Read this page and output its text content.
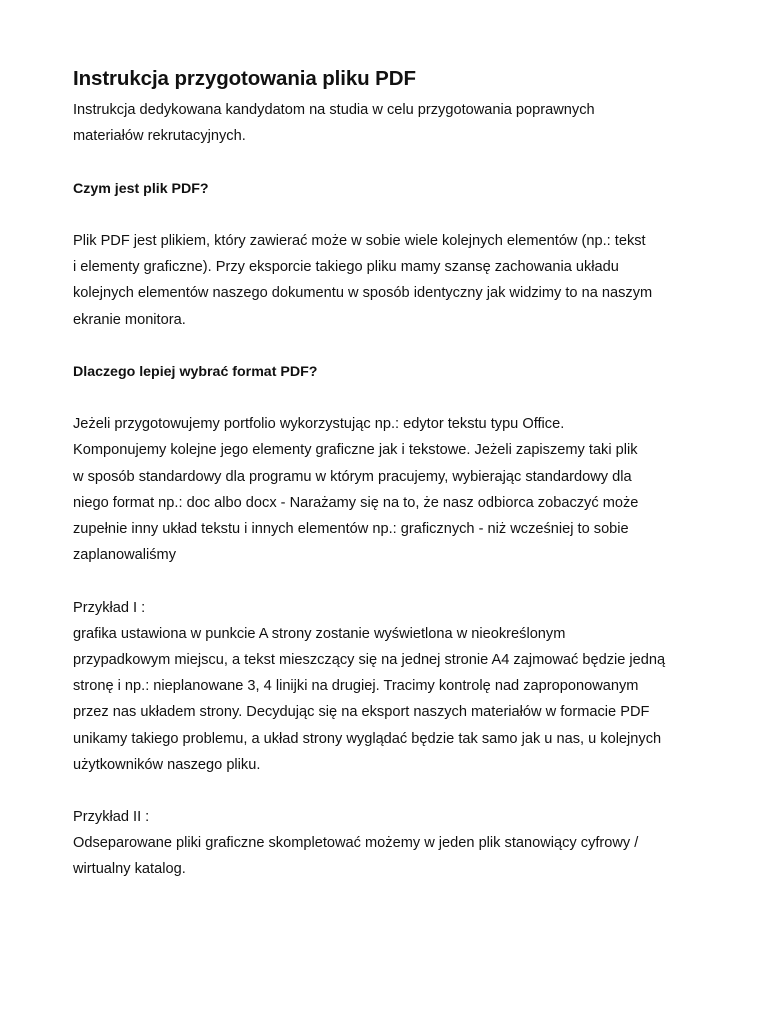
Instrukcja przygotowania pliku PDF

Instrukcja dedykowana kandydatom na studia w celu przygotowania poprawnych

materiałów rekrutacyjnych.

Czym jest plik PDF?

Plik PDF jest plikiem, który zawierać może w sobie wiele kolejnych elementów (np.: tekst

i elementy graficzne). Przy eksporcie takiego pliku mamy szansę zachowania układu

kolejnych elementów naszego dokumentu w sposób identyczny jak widzimy to na naszym

ekranie monitora.

Dlaczego lepiej wybrać format PDF?

Jeżeli przygotowujemy portfolio wykorzystując np.: edytor tekstu typu Office.

Komponujemy kolejne jego elementy graficzne jak i tekstowe. Jeżeli zapiszemy taki plik

w sposób standardowy dla programu w którym pracujemy, wybierając standardowy dla

niego format np.: doc albo docx - Narażamy się na to, że nasz odbiorca zobaczyć może

zupełnie inny układ tekstu i innych elementów np.: graficznych - niż wcześniej to sobie

zaplanowaliśmy

Przykład I :

grafika ustawiona w punkcie A strony zostanie wyświetlona w nieokreślonym

przypadkowym miejscu, a tekst mieszczący się na jednej stronie A4 zajmować będzie jedną

stronę i np.: nieplanowane 3, 4 linijki na drugiej. Tracimy kontrolę nad zaproponowanym

przez nas układem strony. Decydując się na eksport naszych materiałów w formacie PDF

unikamy takiego problemu, a układ strony wyglądać będzie tak samo jak u nas, u kolejnych

użytkowników naszego pliku.

Przykład II :

Odseparowane pliki graficzne skompletować możemy w jeden plik stanowiący cyfrowy /

wirtualny katalog.
